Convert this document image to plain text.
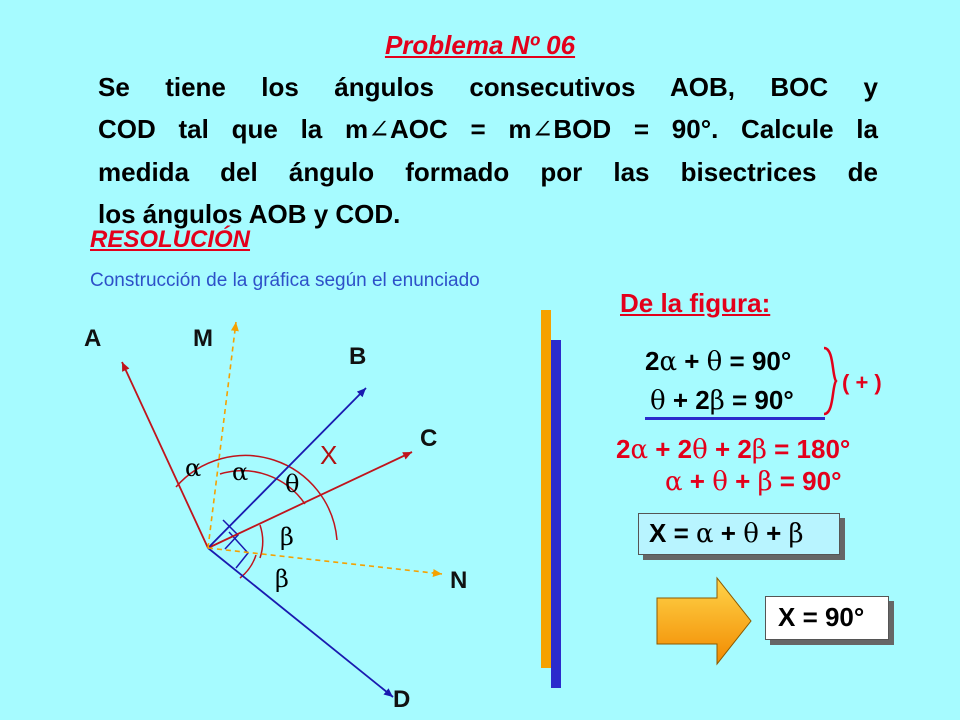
Problema Nº 06
Se tiene los ángulos consecutivos AOB, BOC y
COD tal que la m∠AOC = m∠BOD = 90°. Calcule la
medida del ángulo formado por las bisectrices de
los ángulos AOB y COD.
RESOLUCIÓN
Construcción de la gráfica según el enunciado
A	M
B
C
N
D
X
α α θ
β
β
De la figura:
2α + θ = 90°
θ + 2β = 90°
( + )
2α + 2θ + 2β = 180°
α + θ + β = 90°
X = α + θ + β
X = 90°
